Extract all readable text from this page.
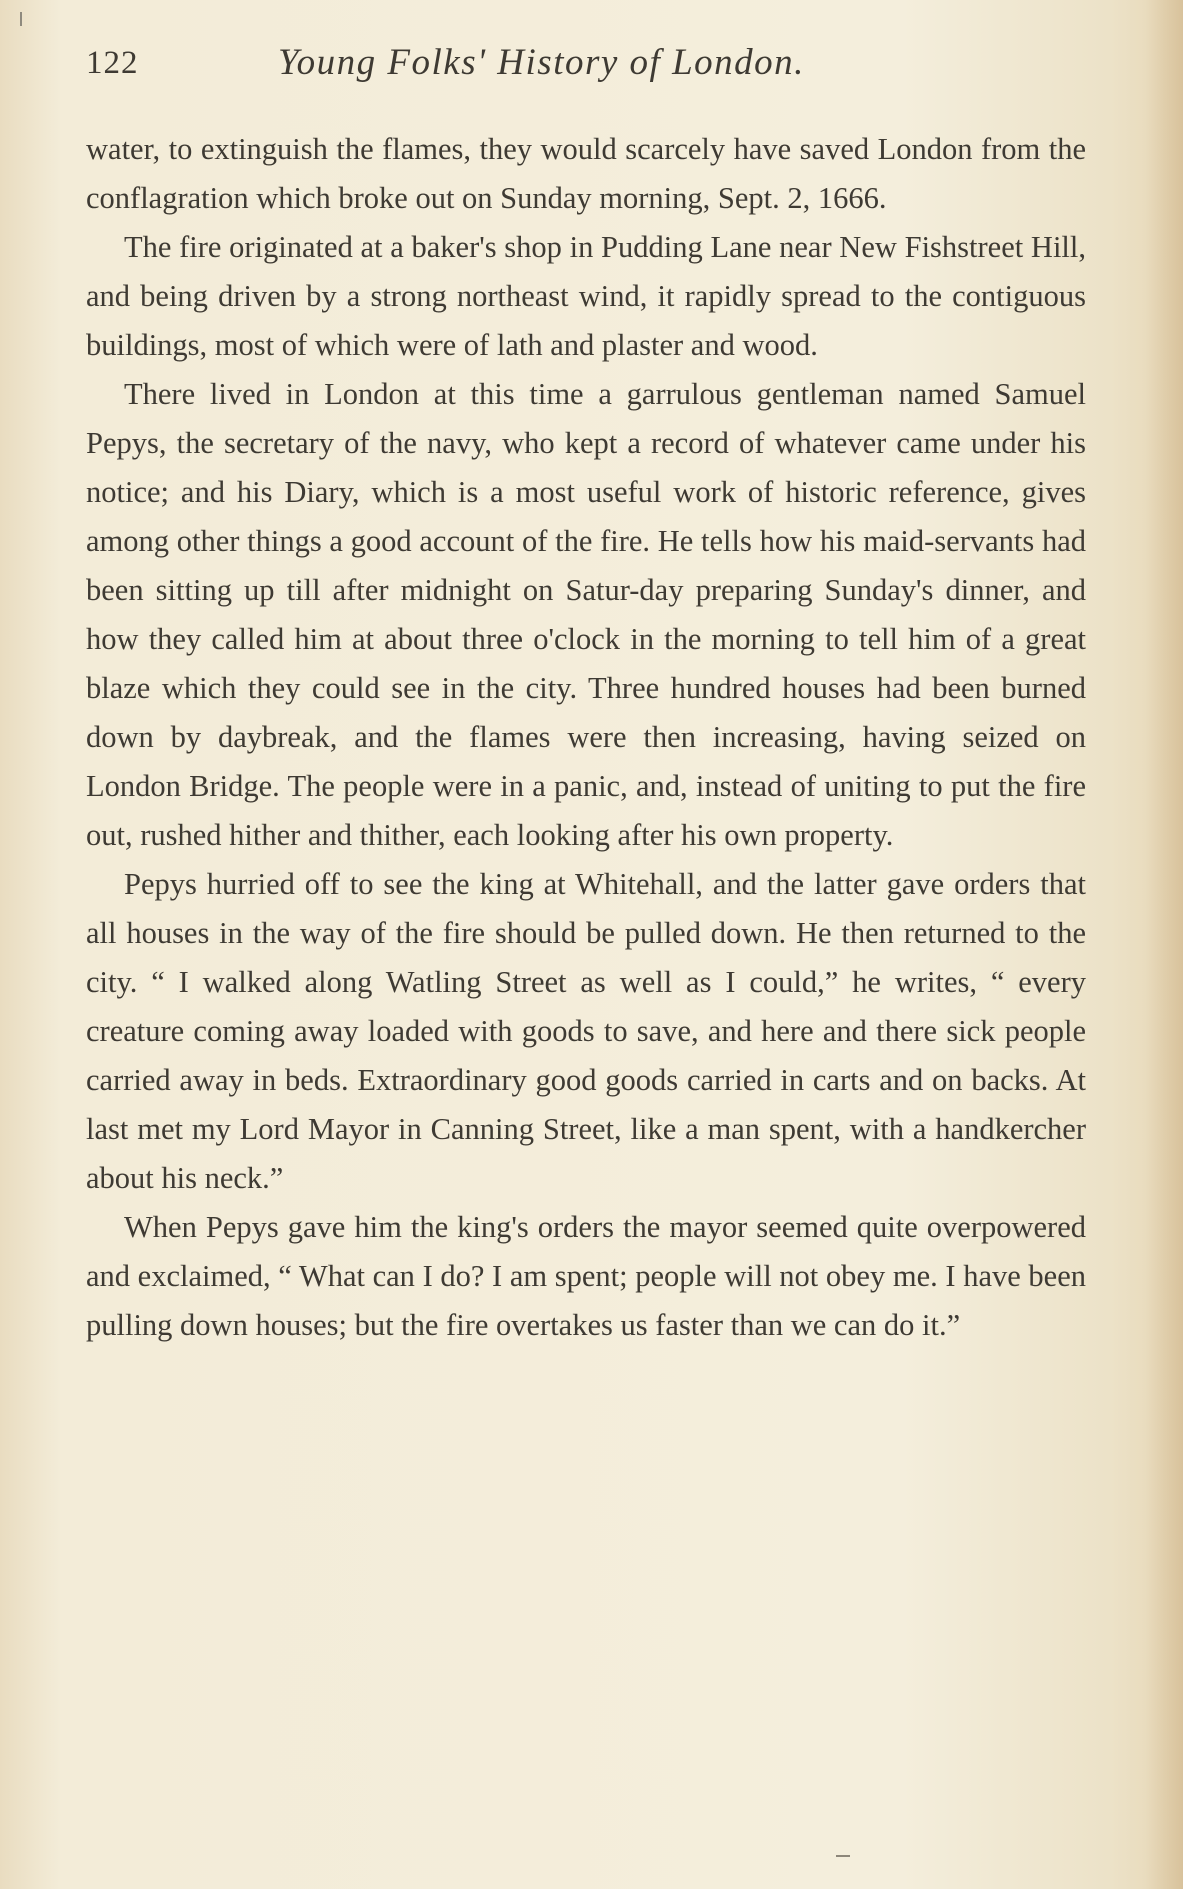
122	Young Folks' History of London.

water, to extinguish the flames, they would scarcely have saved London from the conflagration which broke out on Sunday morning, Sept. 2, 1666.

The fire originated at a baker's shop in Pudding Lane near New Fishstreet Hill, and being driven by a strong northeast wind, it rapidly spread to the contiguous buildings, most of which were of lath and plaster and wood.

There lived in London at this time a garrulous gentleman named Samuel Pepys, the secretary of the navy, who kept a record of whatever came under his notice; and his Diary, which is a most useful work of historic reference, gives among other things a good account of the fire. He tells how his maid-servants had been sitting up till after midnight on Satur-day preparing Sunday's dinner, and how they called him at about three o'clock in the morning to tell him of a great blaze which they could see in the city. Three hundred houses had been burned down by daybreak, and the flames were then increasing, having seized on London Bridge. The people were in a panic, and, instead of uniting to put the fire out, rushed hither and thither, each looking after his own property.

Pepys hurried off to see the king at Whitehall, and the latter gave orders that all houses in the way of the fire should be pulled down. He then returned to the city. “ I walked along Watling Street as well as I could,” he writes, “ every creature coming away loaded with goods to save, and here and there sick people carried away in beds. Extraordinary good goods carried in carts and on backs. At last met my Lord Mayor in Canning Street, like a man spent, with a handkercher about his neck.”

When Pepys gave him the king's orders the mayor seemed quite overpowered and exclaimed, “ What can I do? I am spent; people will not obey me. I have been pulling down houses; but the fire overtakes us faster than we can do it.”
